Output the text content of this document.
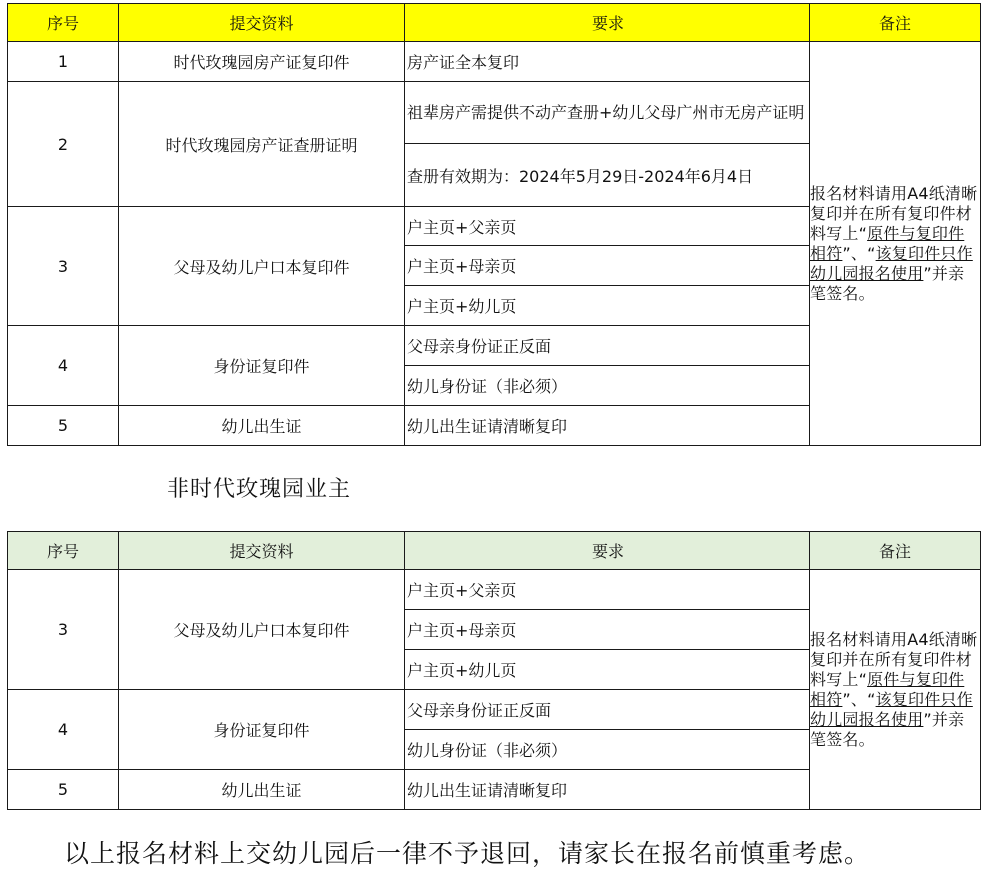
序号	提交资料	要求	备注
1	时代玫瑰园房产证复印件	房产证全本复印	报名材料请用A4纸清晰复印并在所有复印件材料写上“原件与复印件相符”、“该复印件只作幼儿园报名使用”并亲笔签名。
2	时代玫瑰园房产证查册证明	祖辈房产需提供不动产查册+幼儿父母广州市无房产证明	
		查册有效期为：2024年5月29日-2024年6月4日	
3	父母及幼儿户口本复印件	户主页+父亲页	
		户主页+母亲页	
		户主页+幼儿页	
4	身份证复印件	父母亲身份证正反面	
		幼儿身份证（非必须）	
5	幼儿出生证	幼儿出生证请清晰复印	
非时代玫瑰园业主
序号	提交资料	要求	备注
3	父母及幼儿户口本复印件	户主页+父亲页	报名材料请用A4纸清晰复印并在所有复印件材料写上“原件与复印件相符”、“该复印件只作幼儿园报名使用”并亲笔签名。
		户主页+母亲页	
		户主页+幼儿页	
4	身份证复印件	父母亲身份证正反面	
		幼儿身份证（非必须）	
5	幼儿出生证	幼儿出生证请清晰复印	
以上报名材料上交幼儿园后一律不予退回，请家长在报名前慎重考虑。
